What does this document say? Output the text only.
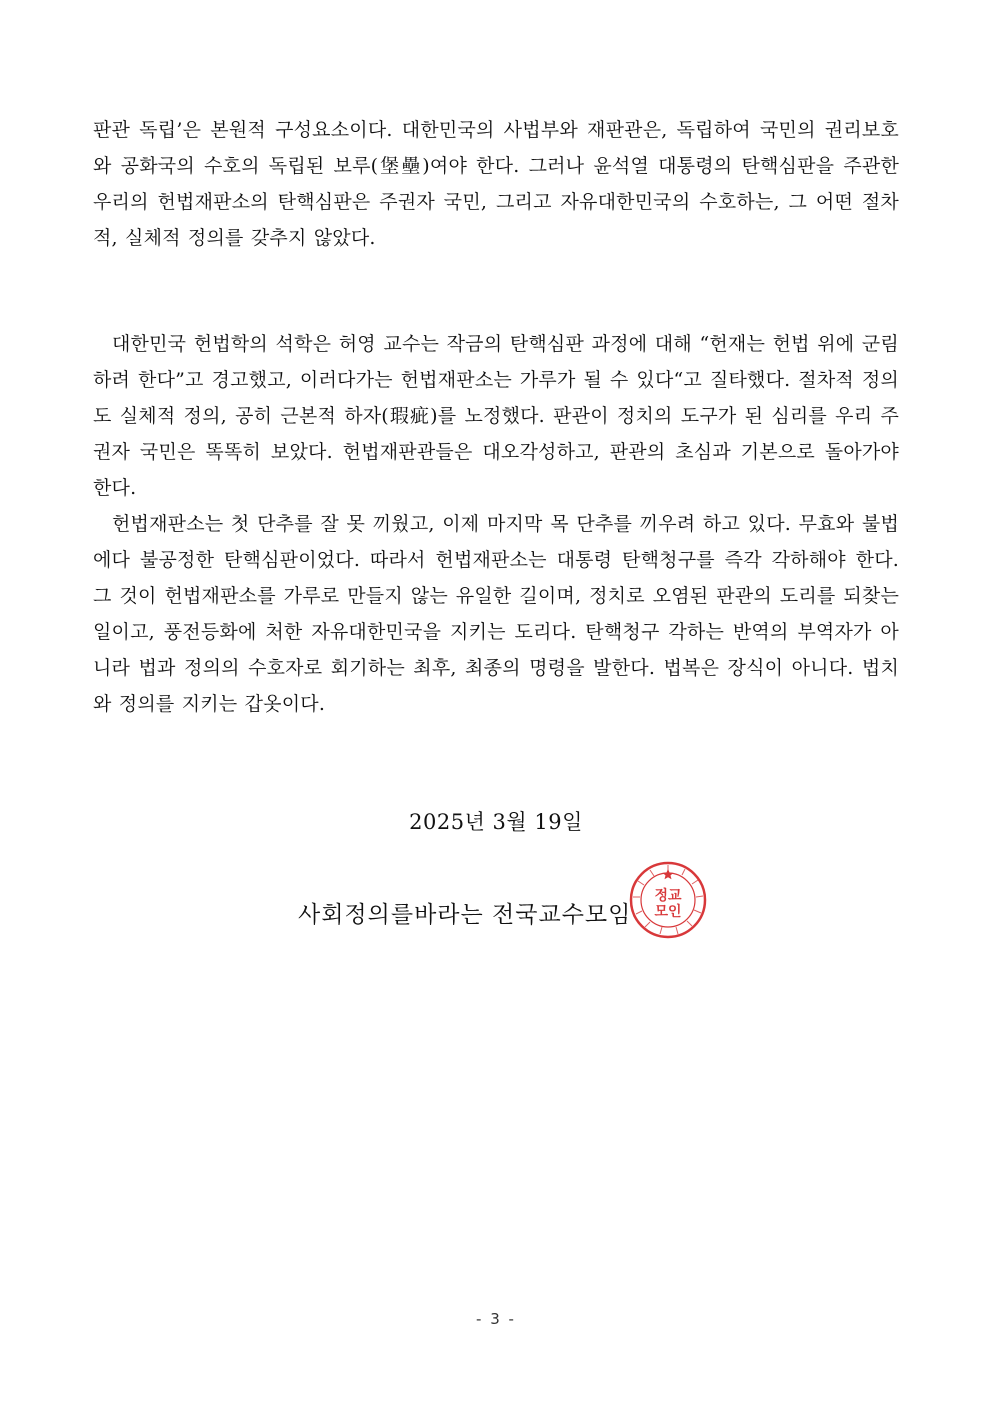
판관 독립’은 본원적 구성요소이다. 대한민국의 사법부와 재판관은, 독립하여 국민의 권리보호와 공화국의 수호의 독립된 보루(堡壘)여야 한다. 그러나 윤석열 대통령의 탄핵심판을 주관한 우리의 헌법재판소의 탄핵심판은 주권자 국민, 그리고 자유대한민국의 수호하는, 그 어떤 절차적, 실체적 정의를 갖추지 않았다.

대한민국 헌법학의 석학은 허영 교수는 작금의 탄핵심판 과정에 대해 “헌재는 헌법 위에 군림하려 한다”고 경고했고, 이러다가는 헌법재판소는 가루가 될 수 있다“고 질타했다. 절차적 정의도 실체적 정의, 공히 근본적 하자(瑕疵)를 노정했다. 판관이 정치의 도구가 된 심리를 우리 주권자 국민은 똑똑히 보았다. 헌법재판관들은 대오각성하고, 판관의 초심과 기본으로 돌아가야 한다.

헌법재판소는 첫 단추를 잘 못 끼웠고, 이제 마지막 목 단추를 끼우려 하고 있다. 무효와 불법에다 불공정한 탄핵심판이었다. 따라서 헌법재판소는 대통령 탄핵청구를 즉각 각하해야 한다. 그 것이 헌법재판소를 가루로 만들지 않는 유일한 길이며, 정치로 오염된 판관의 도리를 되찾는 일이고, 풍전등화에 처한 자유대한민국을 지키는 도리다. 탄핵청구 각하는 반역의 부역자가 아니라 법과 정의의 수호자로 회기하는 최후, 최종의 명령을 발한다. 법복은 장식이 아니다. 법치와 정의를 지키는 갑옷이다.

2025년 3월 19일
사회정의를바라는 전국교수모임
정교
모인
- 3 -
